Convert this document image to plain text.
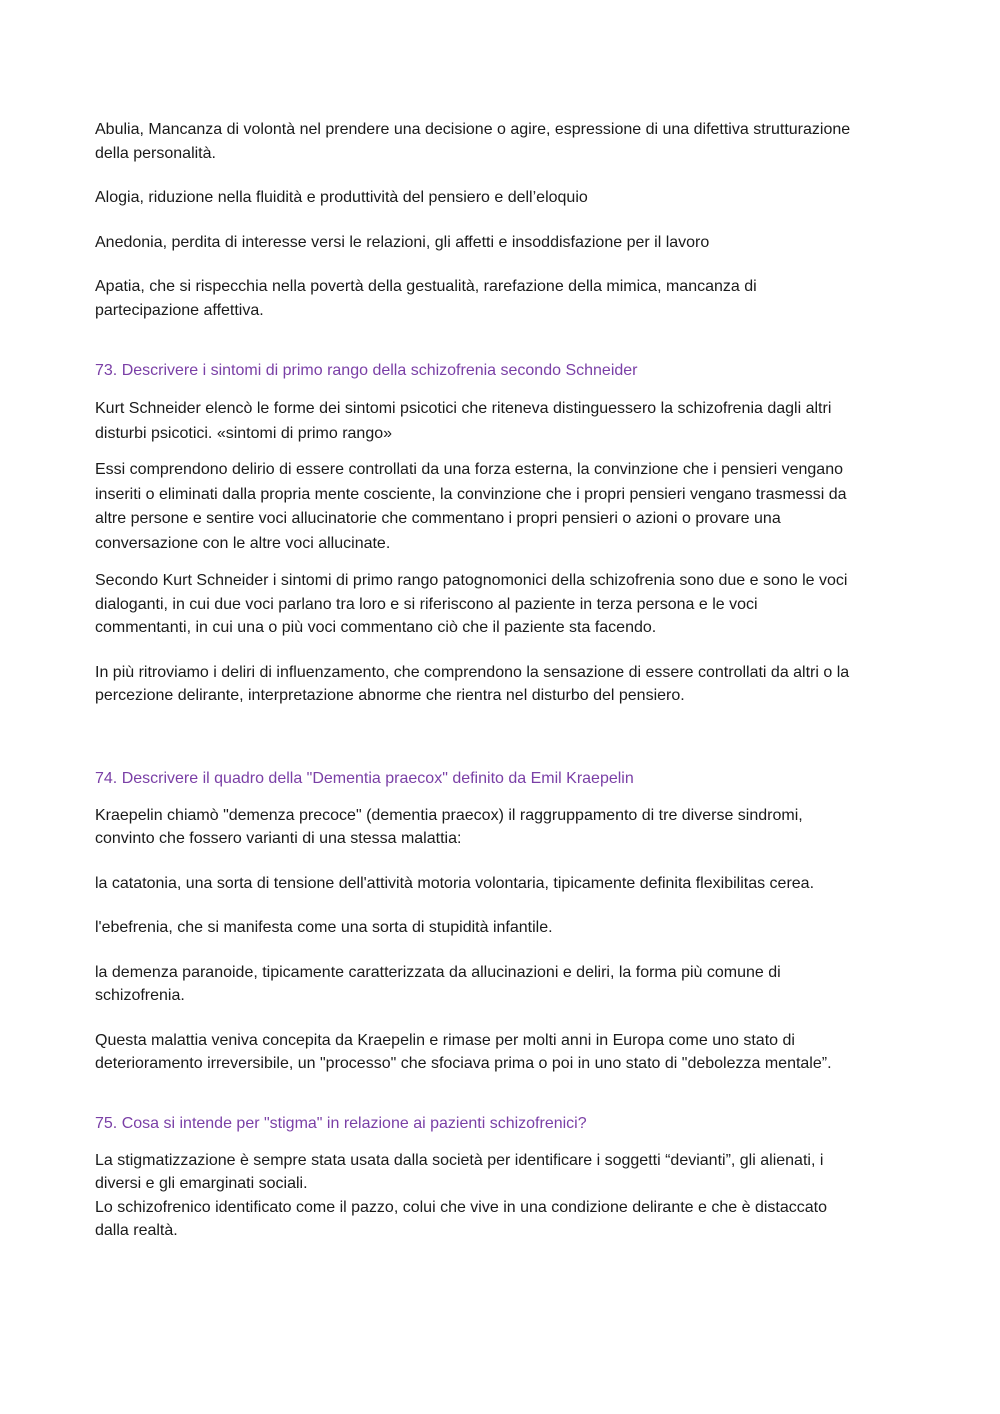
Abulia, Mancanza di volontà nel prendere una decisione o agire, espressione di una difettiva strutturazione
della personalità.

Alogia, riduzione nella fluidità e produttività del pensiero e dell’eloquio

Anedonia, perdita di interesse versi le relazioni, gli affetti e insoddisfazione per il lavoro

Apatia, che si rispecchia nella povertà della gestualità, rarefazione della mimica, mancanza di
partecipazione affettiva.

73. Descrivere i sintomi di primo rango della schizofrenia secondo Schneider

Kurt Schneider elencò le forme dei sintomi psicotici che riteneva distinguessero la schizofrenia dagli altri
disturbi psicotici. «sintomi di primo rango»

Essi comprendono delirio di essere controllati da una forza esterna, la convinzione che i pensieri vengano
inseriti o eliminati dalla propria mente cosciente, la convinzione che i propri pensieri vengano trasmessi da
altre persone e sentire voci allucinatorie che commentano i propri pensieri o azioni o provare una
conversazione con le altre voci allucinate.

Secondo Kurt Schneider i sintomi di primo rango patognomonici della schizofrenia sono due e sono le voci
dialoganti, in cui due voci parlano tra loro e si riferiscono al paziente in terza persona e le voci
commentanti, in cui una o più voci commentano ciò che il paziente sta facendo.

In più ritroviamo i deliri di influenzamento, che comprendono la sensazione di essere controllati da altri o la
percezione delirante, interpretazione abnorme che rientra nel disturbo del pensiero.

74. Descrivere il quadro della "Dementia praecox" definito da Emil Kraepelin

Kraepelin chiamò "demenza precoce" (dementia praecox) il raggruppamento di tre diverse sindromi,
convinto che fossero varianti di una stessa malattia:

la catatonia, una sorta di tensione dell'attività motoria volontaria, tipicamente definita flexibilitas cerea.

l'ebefrenia, che si manifesta come una sorta di stupidità infantile.

la demenza paranoide, tipicamente caratterizzata da allucinazioni e deliri, la forma più comune di
schizofrenia.

Questa malattia veniva concepita da Kraepelin e rimase per molti anni in Europa come uno stato di
deterioramento irreversibile, un "processo" che sfociava prima o poi in uno stato di "debolezza mentale”.

75. Cosa si intende per "stigma" in relazione ai pazienti schizofrenici?

La stigmatizzazione è sempre stata usata dalla società per identificare i soggetti “devianti”, gli alienati, i
diversi e gli emarginati sociali.
Lo schizofrenico identificato come il pazzo, colui che vive in una condizione delirante e che è distaccato
dalla realtà.
